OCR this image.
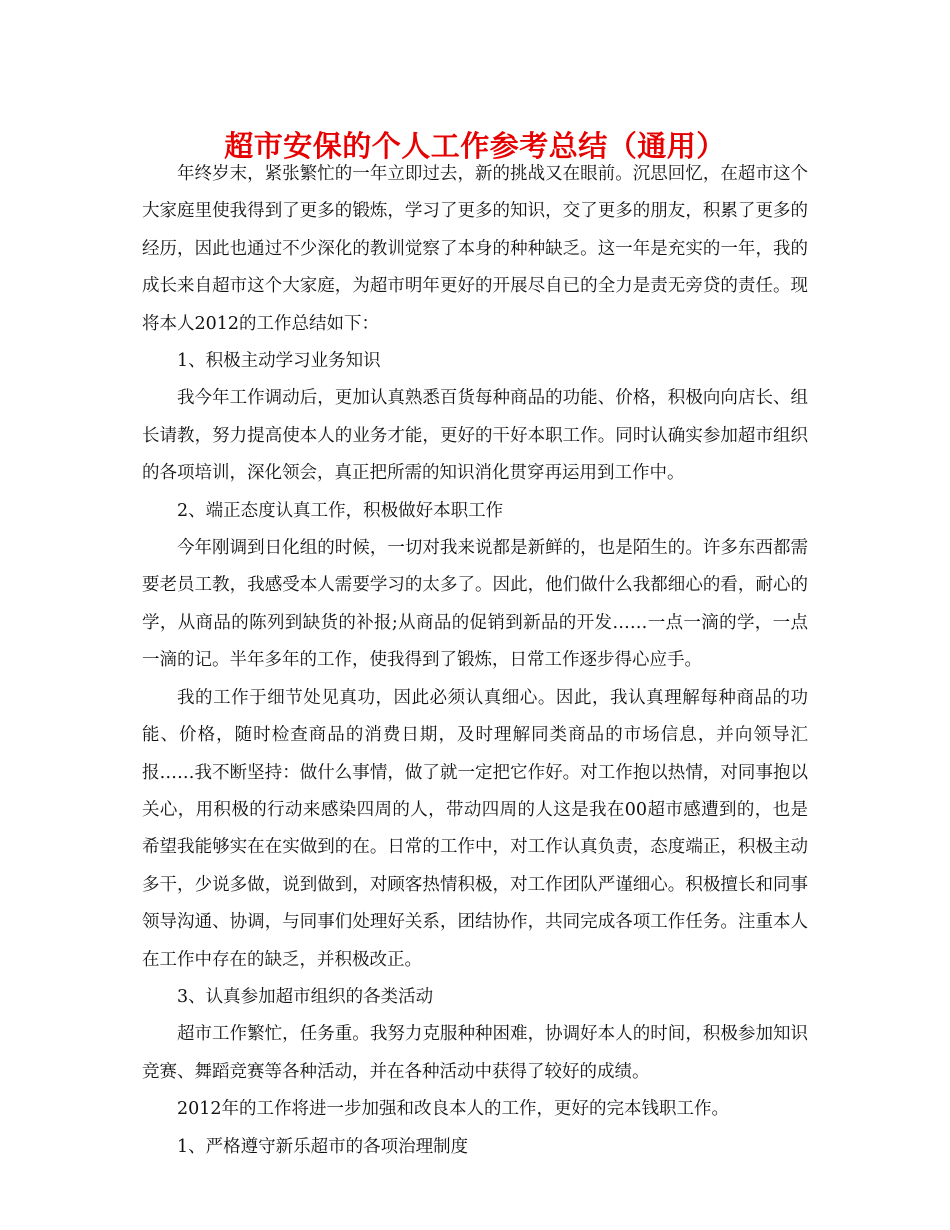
超市安保的个人工作参考总结（通用）

年终岁末，紧张繁忙的一年立即过去，新的挑战又在眼前。沉思回忆，在超市这个大家庭里使我得到了更多的锻炼，学习了更多的知识，交了更多的朋友，积累了更多的经历，因此也通过不少深化的教训觉察了本身的种种缺乏。这一年是充实的一年，我的成长来自超市这个大家庭，为超市明年更好的开展尽自已的全力是责无旁贷的责任。现将本人2012的工作总结如下：

1、积极主动学习业务知识

我今年工作调动后，更加认真熟悉百货每种商品的功能、价格，积极向向店长、组长请教，努力提高使本人的业务才能，更好的干好本职工作。同时认确实参加超市组织的各项培训，深化领会，真正把所需的知识消化贯穿再运用到工作中。

2、端正态度认真工作，积极做好本职工作

今年刚调到日化组的时候，一切对我来说都是新鲜的，也是陌生的。许多东西都需要老员工教，我感受本人需要学习的太多了。因此，他们做什么我都细心的看，耐心的学，从商品的陈列到缺货的补报;从商品的促销到新品的开发……一点一滴的学，一点一滴的记。半年多年的工作，使我得到了锻炼，日常工作逐步得心应手。

我的工作于细节处见真功，因此必须认真细心。因此，我认真理解每种商品的功能、价格，随时检查商品的消费日期，及时理解同类商品的市场信息，并向领导汇报……我不断坚持：做什么事情，做了就一定把它作好。对工作抱以热情，对同事抱以关心，用积极的行动来感染四周的人，带动四周的人这是我在00超市感遭到的，也是希望我能够实在在实做到的在。日常的工作中，对工作认真负责，态度端正，积极主动多干，少说多做，说到做到，对顾客热情积极，对工作团队严谨细心。积极擅长和同事领导沟通、协调，与同事们处理好关系，团结协作，共同完成各项工作任务。注重本人在工作中存在的缺乏，并积极改正。

3、认真参加超市组织的各类活动

超市工作繁忙，任务重。我努力克服种种困难，协调好本人的时间，积极参加知识竞赛、舞蹈竞赛等各种活动，并在各种活动中获得了较好的成绩。

2012年的工作将进一步加强和改良本人的工作，更好的完本钱职工作。

1、严格遵守新乐超市的各项治理制度
